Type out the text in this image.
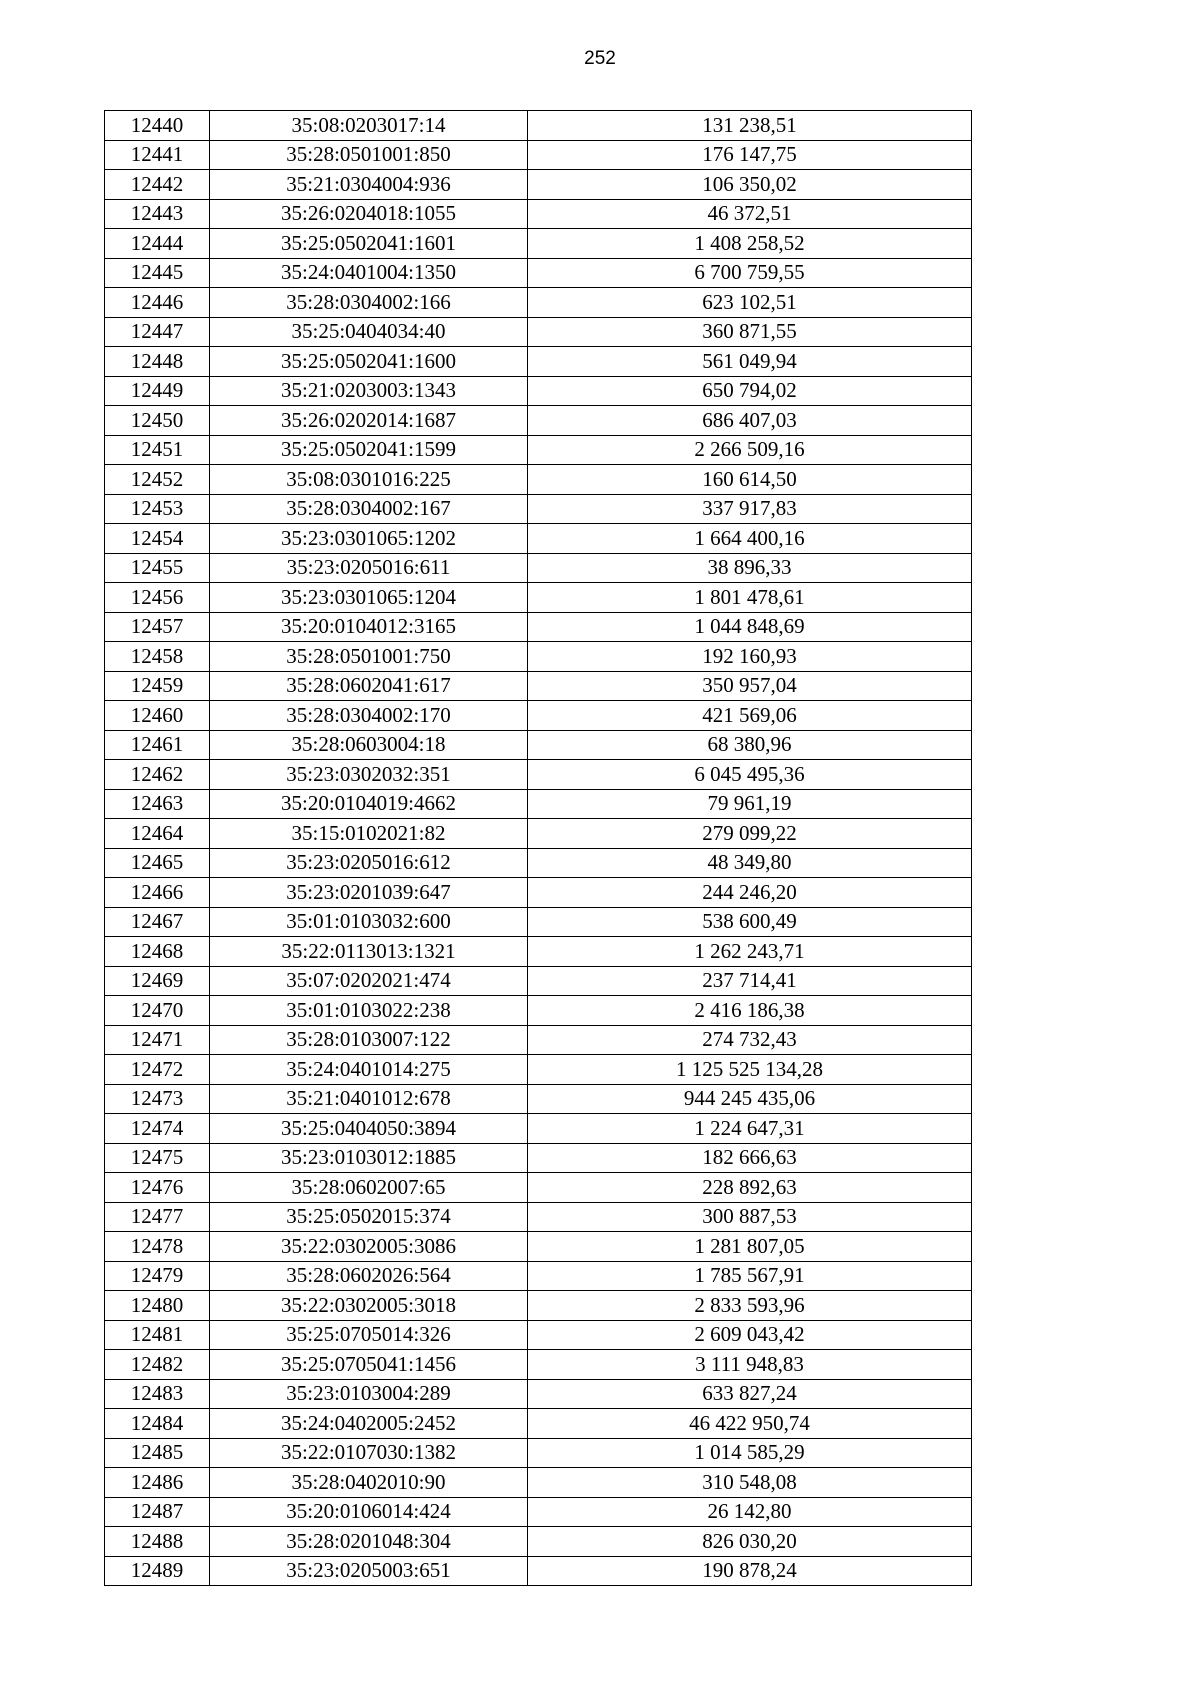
252
12440	35:08:0203017:14	131 238,51
12441	35:28:0501001:850	176 147,75
12442	35:21:0304004:936	106 350,02
12443	35:26:0204018:1055	46 372,51
12444	35:25:0502041:1601	1 408 258,52
12445	35:24:0401004:1350	6 700 759,55
12446	35:28:0304002:166	623 102,51
12447	35:25:0404034:40	360 871,55
12448	35:25:0502041:1600	561 049,94
12449	35:21:0203003:1343	650 794,02
12450	35:26:0202014:1687	686 407,03
12451	35:25:0502041:1599	2 266 509,16
12452	35:08:0301016:225	160 614,50
12453	35:28:0304002:167	337 917,83
12454	35:23:0301065:1202	1 664 400,16
12455	35:23:0205016:611	38 896,33
12456	35:23:0301065:1204	1 801 478,61
12457	35:20:0104012:3165	1 044 848,69
12458	35:28:0501001:750	192 160,93
12459	35:28:0602041:617	350 957,04
12460	35:28:0304002:170	421 569,06
12461	35:28:0603004:18	68 380,96
12462	35:23:0302032:351	6 045 495,36
12463	35:20:0104019:4662	79 961,19
12464	35:15:0102021:82	279 099,22
12465	35:23:0205016:612	48 349,80
12466	35:23:0201039:647	244 246,20
12467	35:01:0103032:600	538 600,49
12468	35:22:0113013:1321	1 262 243,71
12469	35:07:0202021:474	237 714,41
12470	35:01:0103022:238	2 416 186,38
12471	35:28:0103007:122	274 732,43
12472	35:24:0401014:275	1 125 525 134,28
12473	35:21:0401012:678	944 245 435,06
12474	35:25:0404050:3894	1 224 647,31
12475	35:23:0103012:1885	182 666,63
12476	35:28:0602007:65	228 892,63
12477	35:25:0502015:374	300 887,53
12478	35:22:0302005:3086	1 281 807,05
12479	35:28:0602026:564	1 785 567,91
12480	35:22:0302005:3018	2 833 593,96
12481	35:25:0705014:326	2 609 043,42
12482	35:25:0705041:1456	3 111 948,83
12483	35:23:0103004:289	633 827,24
12484	35:24:0402005:2452	46 422 950,74
12485	35:22:0107030:1382	1 014 585,29
12486	35:28:0402010:90	310 548,08
12487	35:20:0106014:424	26 142,80
12488	35:28:0201048:304	826 030,20
12489	35:23:0205003:651	190 878,24
